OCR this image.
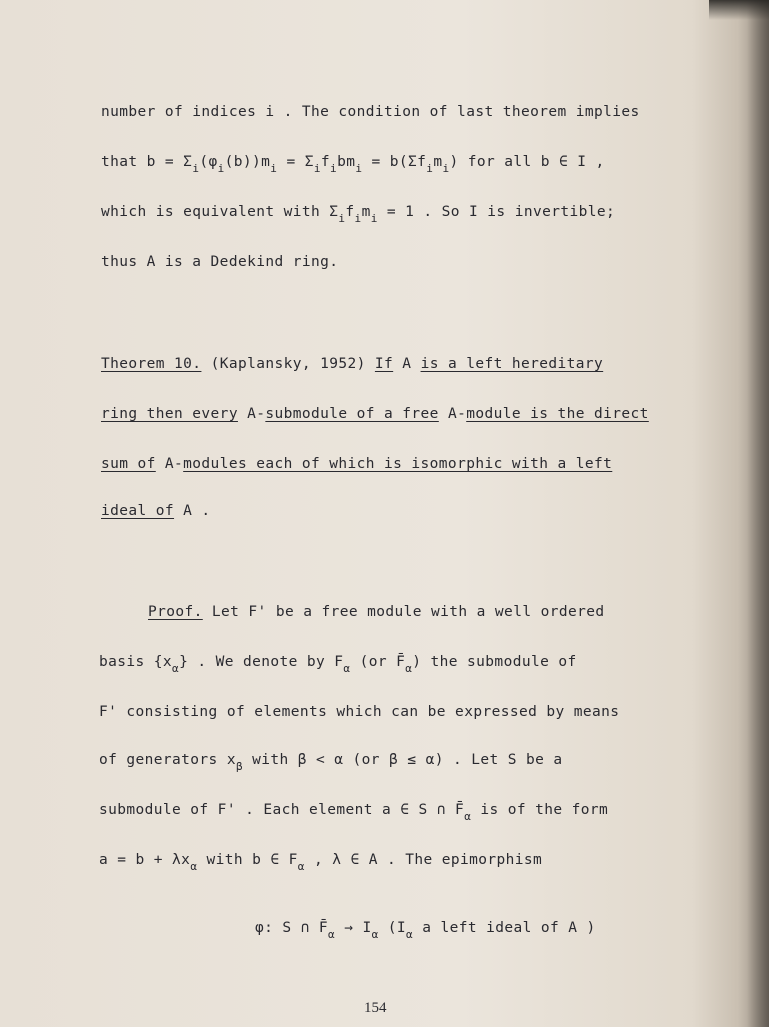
number of indices i . The condition of last theorem implies
that $b = \Sigma_i(\varphi_i(b))m_i = \Sigma_if_ibm_i = b(\Sigma f_im_i)$ for all b ∈ I ,
which is equivalent with $\Sigma_if_im_i = 1$ . So I is invertible;
thus A is a Dedekind ring.
Theorem 10. (Kaplansky, 1952) If A is a left hereditary
ring then every A-submodule of a free A-module is the direct
sum of A-modules each of which is isomorphic with a left
ideal of A .
Proof. Let F' be a free module with a well ordered
basis $\{x_\alpha\}$ . We denote by $F_\alpha$ (or $F̄_\alpha$) the submodule of
F' consisting of elements which can be expressed by means
of generators $x_\beta$ with β < α (or β ≤ α) . Let S be a
submodule of F' . Each element a ∈ S ∩ $F̄_\alpha$ is of the form
$a = b + \lambda x_\alpha$ with b ∈ $F_\alpha$ , λ ∈ A . The epimorphism
φ: S ∩ $F̄_\alpha \to I_\alpha$ ($I_\alpha$ a left ideal of A )
154
